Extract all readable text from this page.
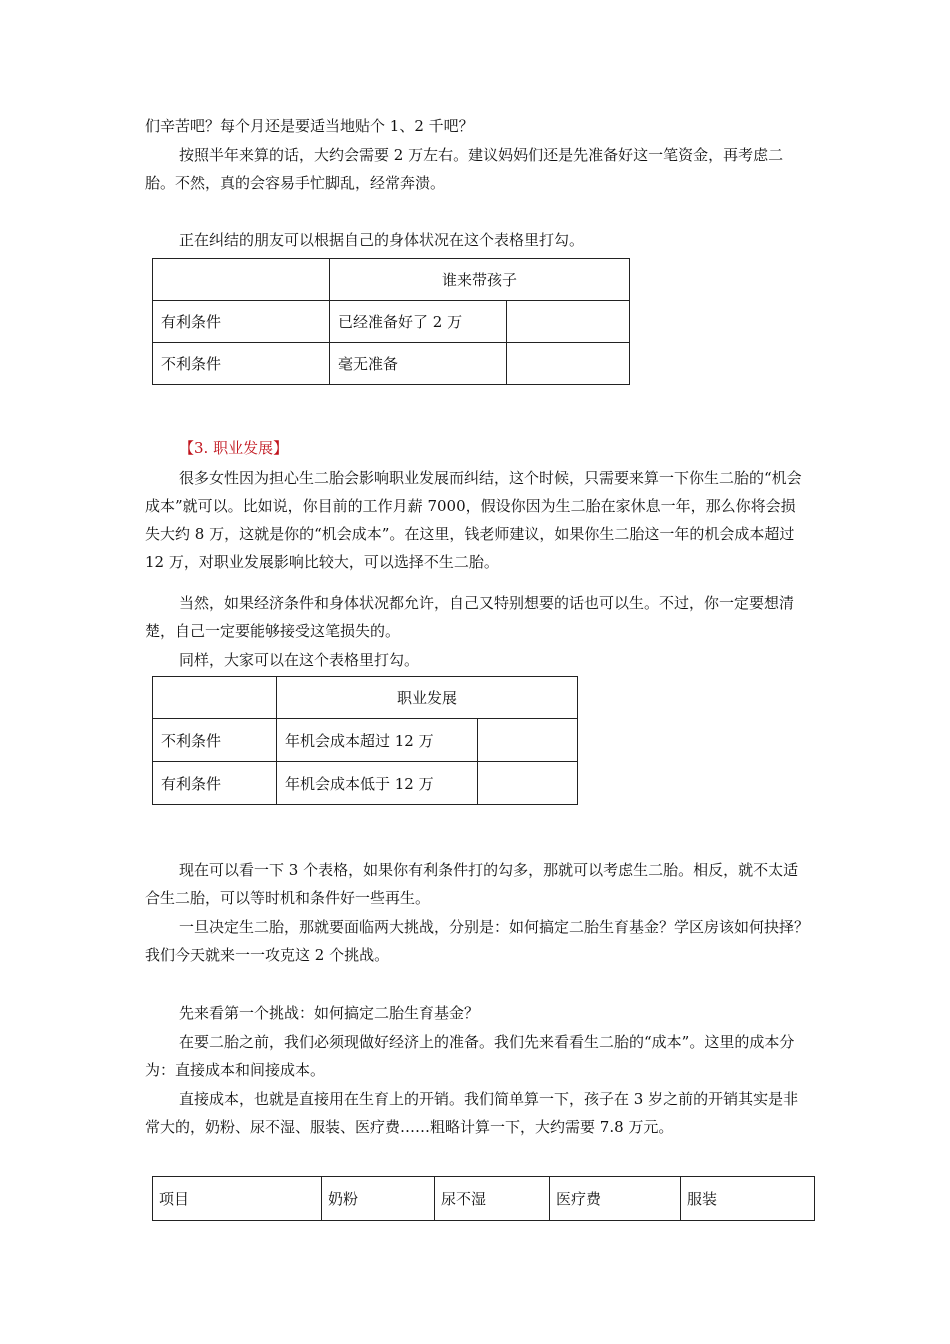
们辛苦吧？每个月还是要适当地贴个 1、2 千吧？

按照半年来算的话，大约会需要 2 万左右。建议妈妈们还是先准备好这一笔资金，再考虑二胎。不然，真的会容易手忙脚乱，经常奔溃。

正在纠结的朋友可以根据自己的身体状况在这个表格里打勾。

	谁来带孩子	
有利条件	已经准备好了 2 万	
不利条件	毫无准备	

【3. 职业发展】

很多女性因为担心生二胎会影响职业发展而纠结，这个时候，只需要来算一下你生二胎的“机会成本”就可以。比如说，你目前的工作月薪 7000，假设你因为生二胎在家休息一年，那么你将会损失大约 8 万，这就是你的“机会成本”。在这里，钱老师建议，如果你生二胎这一年的机会成本超过 12 万，对职业发展影响比较大，可以选择不生二胎。

当然，如果经济条件和身体状况都允许，自己又特别想要的话也可以生。不过，你一定要想清楚，自己一定要能够接受这笔损失的。

同样，大家可以在这个表格里打勾。

	职业发展	
不利条件	年机会成本超过 12 万	
有利条件	年机会成本低于 12 万	

现在可以看一下 3 个表格，如果你有利条件打的勾多，那就可以考虑生二胎。相反，就不太适合生二胎，可以等时机和条件好一些再生。

一旦决定生二胎，那就要面临两大挑战，分别是：如何搞定二胎生育基金？学区房该如何抉择？我们今天就来一一攻克这 2 个挑战。

先来看第一个挑战：如何搞定二胎生育基金？

在要二胎之前，我们必须现做好经济上的准备。我们先来看看生二胎的“成本”。这里的成本分为：直接成本和间接成本。

直接成本，也就是直接用在生育上的开销。我们简单算一下，孩子在 3 岁之前的开销其实是非常大的，奶粉、尿不湿、服装、医疗费……粗略计算一下，大约需要 7.8 万元。

项目	奶粉	尿不湿	医疗费	服装
